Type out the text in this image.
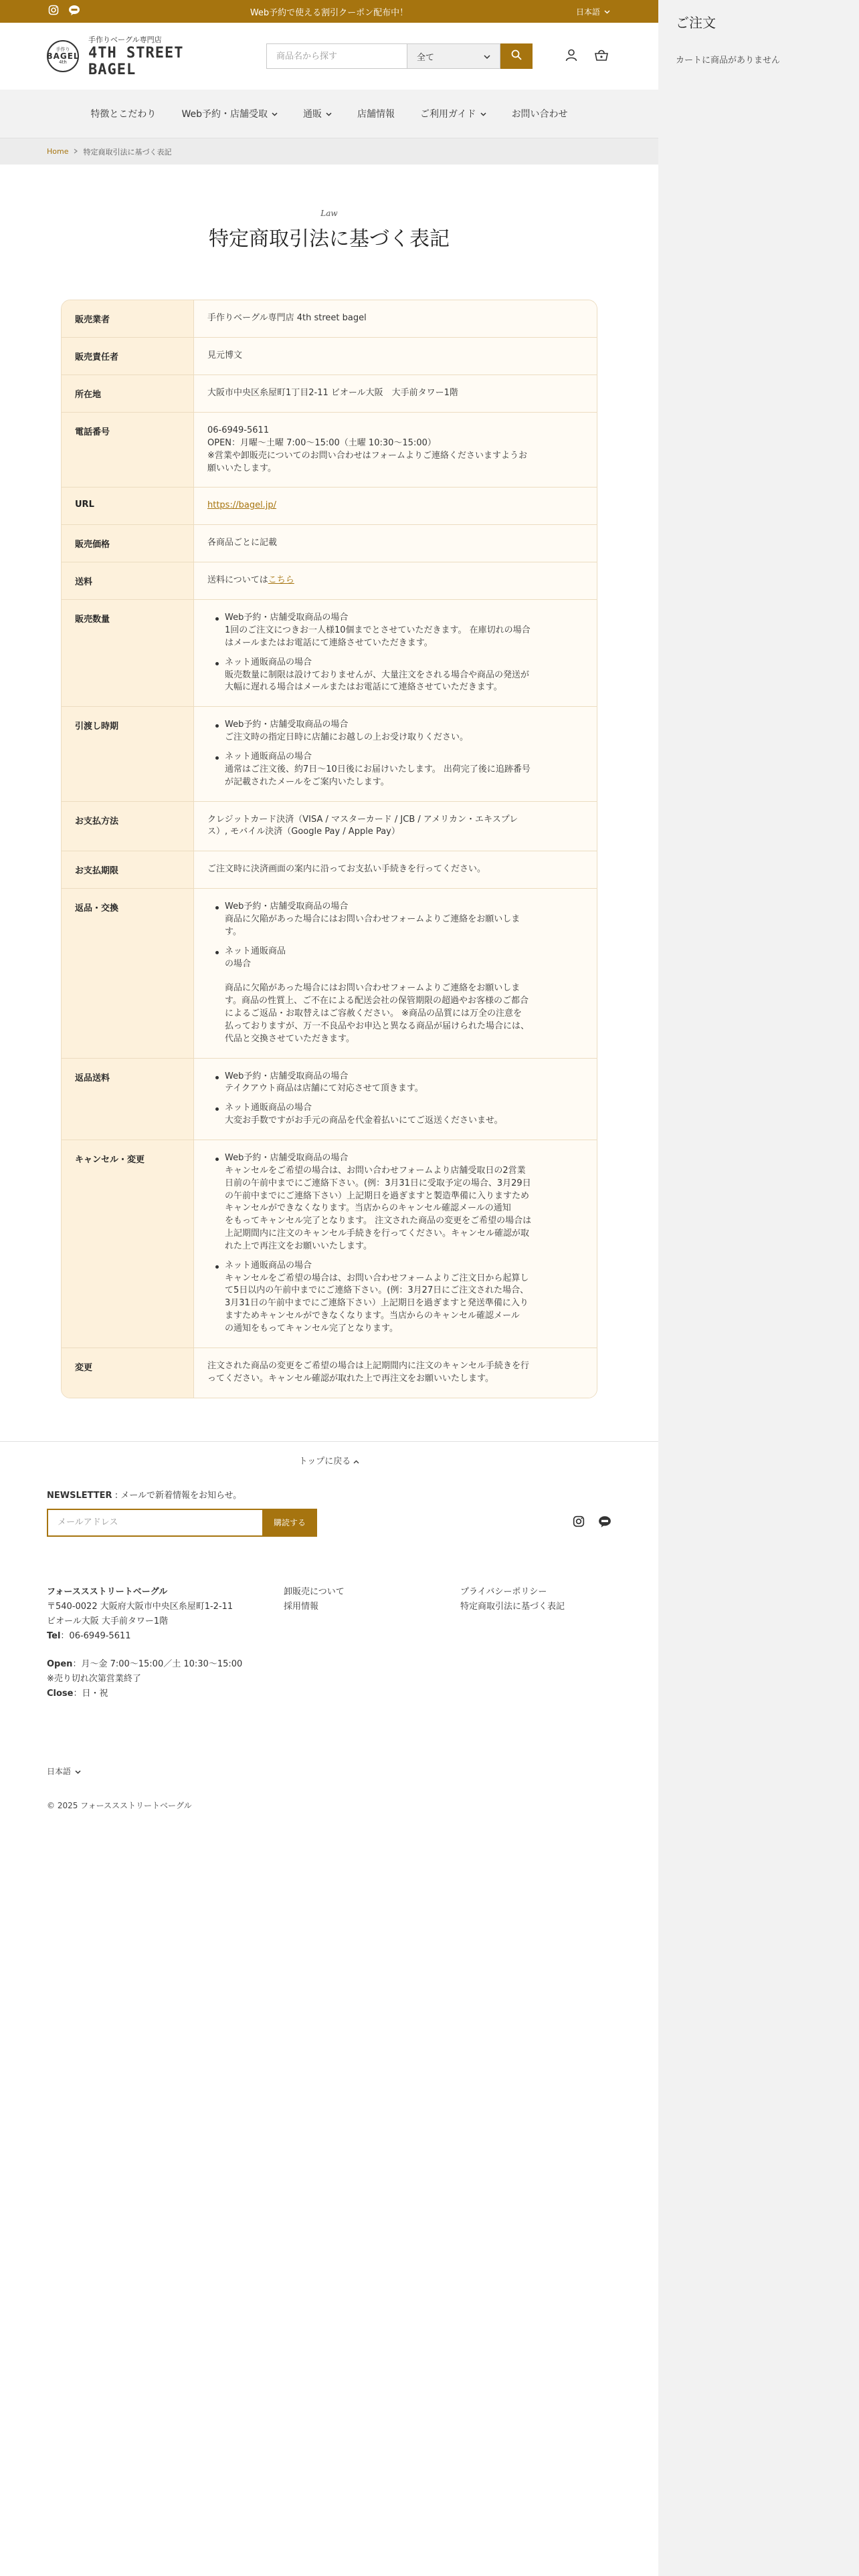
Web予約で使える割引クーポン配布中！	日本語
手作り
BAGEL
4th
手作りベーグル専門店
4TH STREET BAGEL
商品名から探す
全て
特徴とこだわり	Web予約・店舗受取	通販	店舗情報	ご利用ガイド	お問い合わせ
Home 特定商取引法に基づく表記
Law
特定商取引法に基づく表記
販売業者	手作りベーグル専門店 4th street bagel
販売責任者	見元博文
所在地	大阪市中央区糸屋町1丁目2-11 ビオール大阪　大手前タワー1階
電話番号	06-6949-5611
OPEN：月曜〜土曜 7:00〜15:00（土曜 10:30〜15:00）
※営業や卸販売についてのお問い合わせはフォームよりご連絡くださいますようお
願いいたします。
URL	https://bagel.jp/
販売価格	各商品ごとに記載
送料	送料についてはこちら
販売数量	Web予約・店舗受取商品の場合
1回のご注文につきお一人様10個までとさせていただきます。 在庫切れの場合
はメールまたはお電話にて連絡させていただきます。
ネット通販商品の場合
販売数量に制限は設けておりませんが、大量注文をされる場合や商品の発送が
大幅に遅れる場合はメールまたはお電話にて連絡させていただきます。
引渡し時期	Web予約・店舗受取商品の場合
ご注文時の指定日時に店舗にお越しの上お受け取りください。
ネット通販商品の場合
通常はご注文後、約7日〜10日後にお届けいたします。 出荷完了後に追跡番号
が記載されたメールをご案内いたします。
お支払方法	クレジットカード決済（VISA / マスターカード / JCB / アメリカン・エキスプレ
ス）, モバイル決済（Google Pay / Apple Pay）
お支払期限	ご注文時に決済画面の案内に沿ってお支払い手続きを行ってください。
返品・交換	Web予約・店舗受取商品の場合
商品に欠陥があった場合にはお問い合わせフォームよりご連絡をお願いしま
す。
ネット通販商品
の場合
商品に欠陥があった場合にはお問い合わせフォームよりご連絡をお願いしま
す。商品の性質上、ご不在による配送会社の保管期限の超過やお客様のご都合
によるご返品・お取替えはご容赦ください。 ※商品の品質には万全の注意を
払っておりますが、万一不良品やお申込と異なる商品が届けられた場合には、
代品と交換させていただきます。
返品送料	Web予約・店舗受取商品の場合
テイクアウト商品は店舗にて対応させて頂きます。
ネット通販商品の場合
大変お手数ですがお手元の商品を代金着払いにてご返送くださいませ。
キャンセル・変更	Web予約・店舗受取商品の場合
キャンセルをご希望の場合は、お問い合わせフォームより店舗受取日の2営業
日前の午前中までにご連絡下さい。(例：3月31日に受取予定の場合、3月29日
の午前中までにご連絡下さい）上記期日を過ぎますと製造準備に入りますため
キャンセルができなくなります。当店からのキャンセル確認メールの通知
をもってキャンセル完了となります。 注文された商品の変更をご希望の場合は
上記期間内に注文のキャンセル手続きを行ってください。キャンセル確認が取
れた上で再注文をお願いいたします。
ネット通販商品の場合
キャンセルをご希望の場合は、お問い合わせフォームよりご注文日から起算し
て5日以内の午前中までにご連絡下さい。(例：3月27日にご注文された場合、
3月31日の午前中までにご連絡下さい）上記期日を過ぎますと発送準備に入り
ますためキャンセルができなくなります。当店からのキャンセル確認メール
の通知をもってキャンセル完了となります。
変更	注文された商品の変更をご希望の場合は上記期間内に注文のキャンセル手続きを行
ってください。キャンセル確認が取れた上で再注文をお願いいたします。
トップに戻る
NEWSLETTER : メールで新着情報をお知らせ。
メールアドレス
購読する
フォーススストリートベーグル
〒540-0022 大阪府大阪市中央区糸屋町1-2-11
ビオール大阪 大手前タワー1階
Tel：06-6949-5611
卸販売について
採用情報
プライバシーポリシー
特定商取引法に基づく表記
Open：月〜金 7:00〜15:00／土 10:30〜15:00
※売り切れ次第営業終了
Close：日・祝
日本語
© 2025 フォーススストリートベーグル
ご注文
カートに商品がありません
